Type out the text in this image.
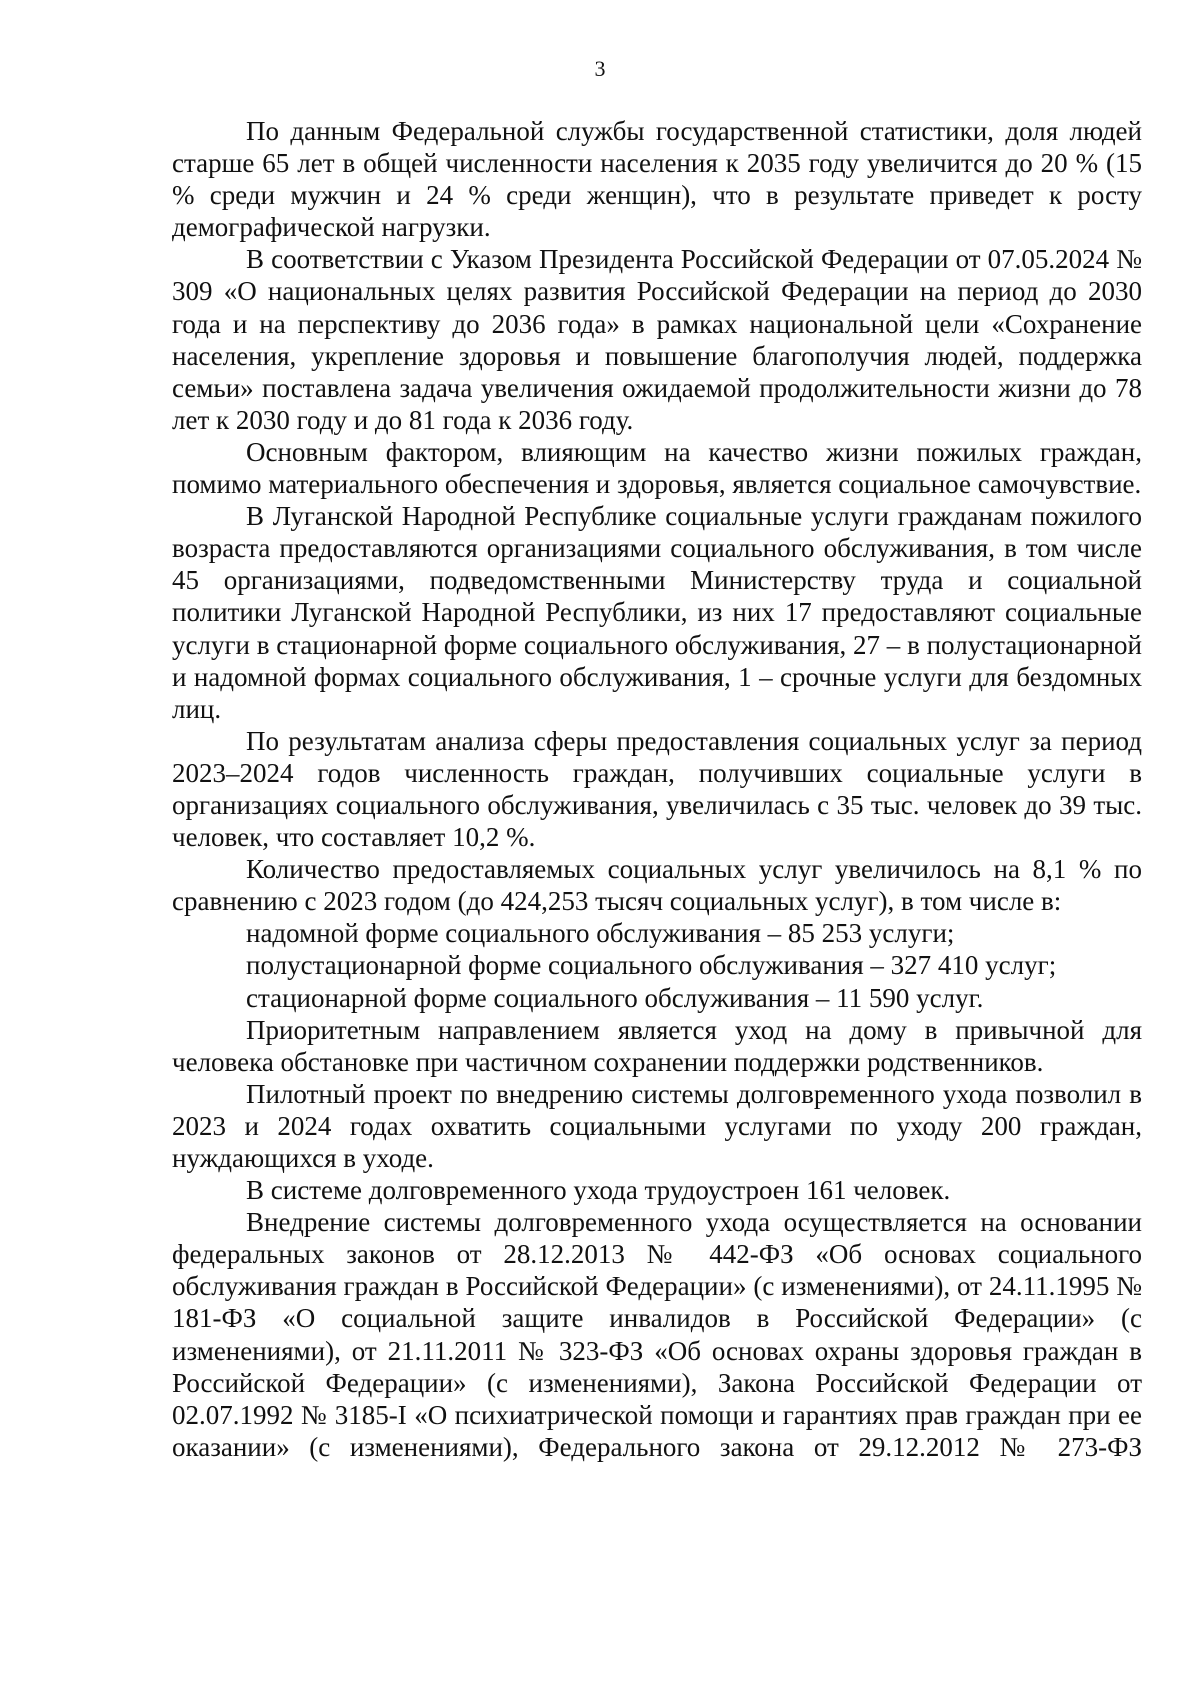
3

По данным Федеральной службы государственной статистики, доля людей старше 65 лет в общей численности населения к 2035 году увеличится до 20 % (15 % среди мужчин и 24 % среди женщин), что в результате приведет к росту демографической нагрузки.

В соответствии с Указом Президента Российской Федерации от 07.05.2024 № 309 «О национальных целях развития Российской Федерации на период до 2030 года и на перспективу до 2036 года» в рамках национальной цели «Сохранение населения, укрепление здоровья и повышение благополучия людей, поддержка семьи» поставлена задача увеличения ожидаемой продолжительности жизни до 78 лет к 2030 году и до 81 года к 2036 году.

Основным фактором, влияющим на качество жизни пожилых граждан, помимо материального обеспечения и здоровья, является социальное самочувствие.

В Луганской Народной Республике социальные услуги гражданам пожилого возраста предоставляются организациями социального обслуживания, в том числе 45 организациями, подведомственными Министерству труда и социальной политики Луганской Народной Республики, из них 17 предоставляют социальные услуги в стационарной форме социального обслуживания, 27 – в полустационарной и надомной формах социального обслуживания, 1 – срочные услуги для бездомных лиц.

По результатам анализа сферы предоставления социальных услуг за период 2023–2024 годов численность граждан, получивших социальные услуги в организациях социального обслуживания, увеличилась с 35 тыс. человек до 39 тыс. человек, что составляет 10,2 %.

Количество предоставляемых социальных услуг увеличилось на 8,1 % по сравнению с 2023 годом (до 424,253 тысяч социальных услуг), в том числе в:

надомной форме социального обслуживания – 85 253 услуги;

полустационарной форме социального обслуживания – 327 410 услуг;

стационарной форме социального обслуживания – 11 590 услуг.

Приоритетным направлением является уход на дому в привычной для человека обстановке при частичном сохранении поддержки родственников.

Пилотный проект по внедрению системы долговременного ухода позволил в 2023 и 2024 годах охватить социальными услугами по уходу 200 граждан, нуждающихся в уходе.

В системе долговременного ухода трудоустроен 161 человек.

Внедрение системы долговременного ухода осуществляется на основании федеральных законов от 28.12.2013 № 442-ФЗ «Об основах социального обслуживания граждан в Российской Федерации» (с изменениями), от 24.11.1995 № 181-ФЗ «О социальной защите инвалидов в Российской Федерации» (с изменениями), от 21.11.2011 № 323-ФЗ «Об основах охраны здоровья граждан в Российской Федерации» (с изменениями), Закона Российской Федерации от 02.07.1992 № 3185-I «О психиатрической помощи и гарантиях прав граждан при ее оказании» (с изменениями), Федерального закона от 29.12.2012 № 273-ФЗ
